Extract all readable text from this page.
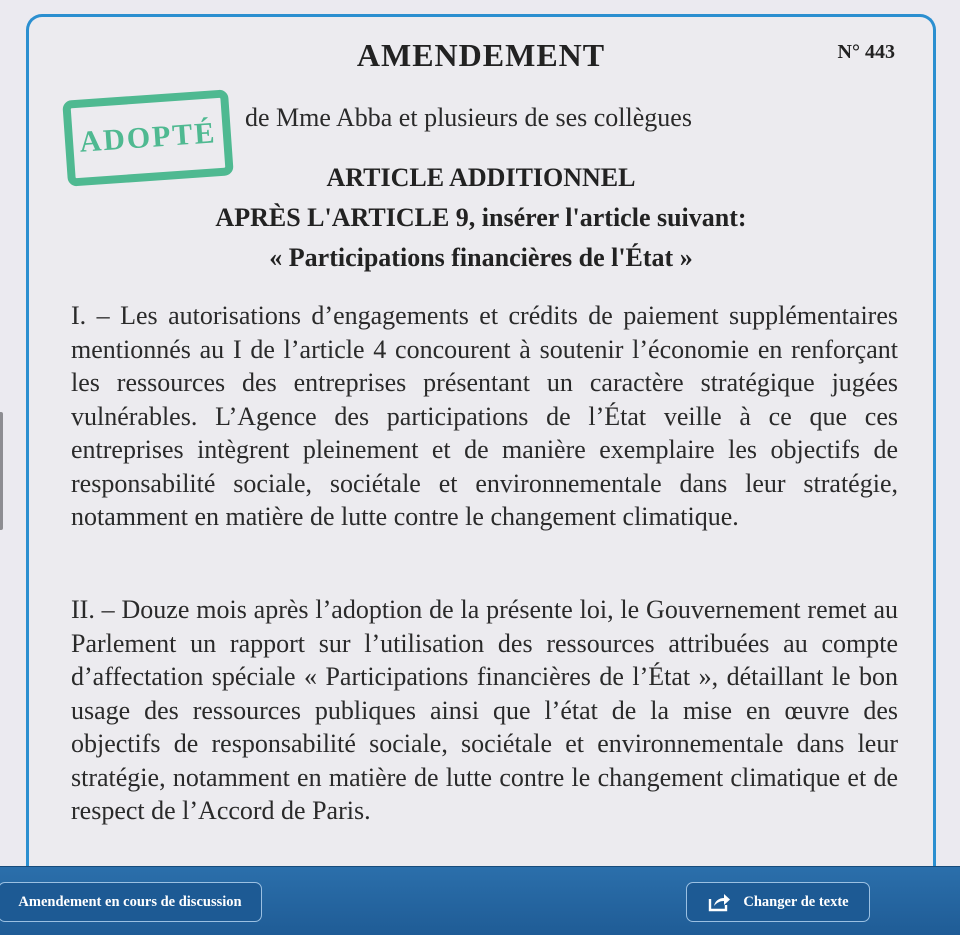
AMENDEMENT	N° 443
ADOPTÉ de Mme Abba et plusieurs de ses collègues
ARTICLE ADDITIONNEL
APRÈS L'ARTICLE 9, insérer l'article suivant:
« Participations financières de l'État »
I. – Les autorisations d’engagements et crédits de paiement supplémentaires mentionnés au I de l’article 4 concourent à soutenir l’économie en renforçant les ressources des entreprises présentant un caractère stratégique jugées vulnérables. L’Agence des participations de l’État veille à ce que ces entreprises intègrent pleinement et de manière exemplaire les objectifs de responsabilité sociale, sociétale et environnementale dans leur stratégie, notamment en matière de lutte contre le changement climatique.
II. – Douze mois après l’adoption de la présente loi, le Gouvernement remet au Parlement un rapport sur l’utilisation des ressources attribuées au compte d’affectation spéciale « Participations financières de l’État », détaillant le bon usage des ressources publiques ainsi que l’état de la mise en œuvre des objectifs de responsabilité sociale, sociétale et environnementale dans leur stratégie, notamment en matière de lutte contre le changement climatique et de respect de l’Accord de Paris.
Amendement en cours de discussion	Changer de texte
